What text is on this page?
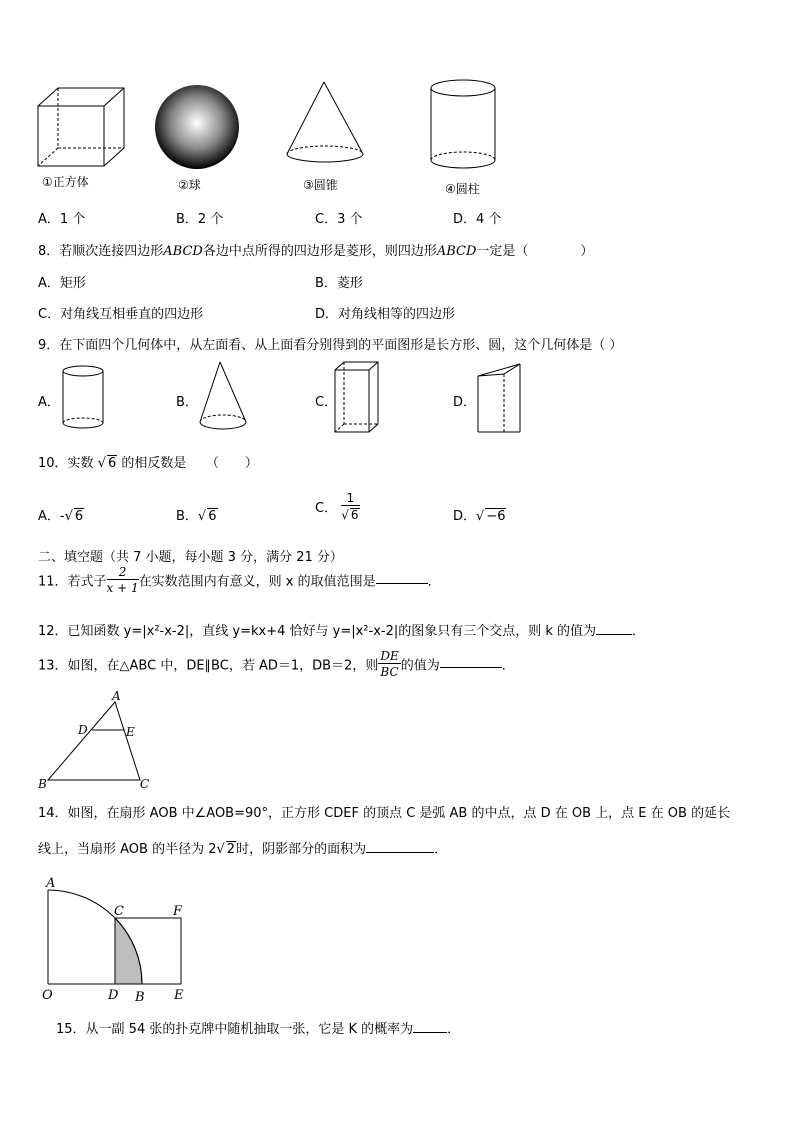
①正方体	②球	③圆锥	④圆柱
A．1 个	B．2 个	C．3 个	D．4 个
8．若顺次连接四边形ABCD各边中点所得的四边形是菱形，则四边形ABCD一定是（　　　　）
A．矩形	B．菱形
C．对角线互相垂直的四边形	D．对角线相等的四边形
9．在下面四个几何体中，从左面看、从上面看分别得到的平面图形是长方形、圆，这个几何体是（ ）
A．	B．	C．	D．
10．实数 √ 6 的相反数是　　（　　）
A．-√ 6	B．√ 6
C． $\frac{1}{√ 6}$	D．√ −6
二、填空题（共 7 小题，每小题 3 分，满分 21 分）
11．若式子 $\frac{2}{x + 1}$ 在实数范围内有意义，则 x 的取值范围是	．
12．已知函数 y=|x²-x-2|，直线 y=kx+4 恰好与 y=|x²-x-2|的图象只有三个交点，则 k 的值为	．
13．如图，在△ABC 中，DE∥BC，若 AD＝1，DB＝2，则 $\frac{DE}{BC}$ 的值为	．
A
D	E
B	C
14．如图，在扇形 AOB 中∠AOB=90°，正方形 CDEF 的顶点 C 是弧 AB 的中点，点 D 在 OB 上，点 E 在 OB 的延长
线上，当扇形 AOB 的半径为 2√ 2时，阴影部分的面积为	．
A
C	F
O	D B E
15．从一副 54 张的扑克牌中随机抽取一张，它是 K 的概率为	．
